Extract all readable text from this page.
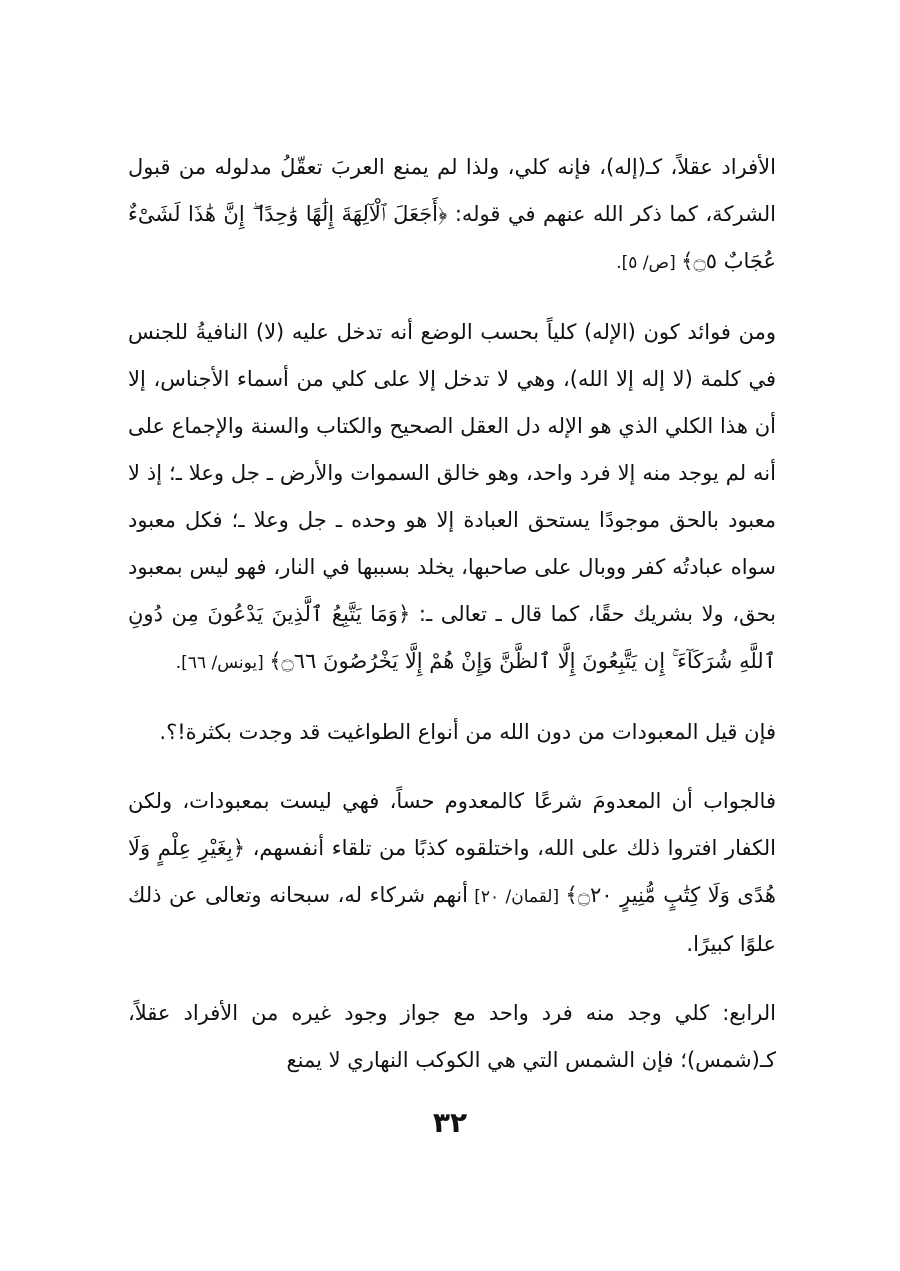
الأفراد عقلاً، كـ(إله)، فإنه كلي، ولذا لم يمنع العربَ تعقّلُ مدلوله من قبول الشركة، كما ذكر الله عنهم في قوله: ﴿أَجَعَلَ ٱلْآلِهَةَ إِلَٰهًا وَٰحِدًا ۖ إِنَّ هَٰذَا لَشَىْءٌ عُجَابٌ ۝٥﴾ [ص/ ٥].

ومن فوائد كون (الإله) كلياً بحسب الوضع أنه تدخل عليه (لا) النافيةُ للجنس في كلمة (لا إله إلا الله)، وهي لا تدخل إلا على كلي من أسماء الأجناس، إلا أن هذا الكلي الذي هو الإله دل العقل الصحيح والكتاب والسنة والإجماع على أنه لم يوجد منه إلا فرد واحد، وهو خالق السموات والأرض ـ جل وعلا ـ؛ إذ لا معبود بالحق موجودًا يستحق العبادة إلا هو وحده ـ جل وعلا ـ؛ فكل معبود سواه عبادتُه كفر ووبال على صاحبها، يخلد بسببها في النار، فهو ليس بمعبود بحق، ولا بشريك حقًا، كما قال ـ تعالى ـ: ﴿وَمَا يَتَّبِعُ ٱلَّذِينَ يَدْعُونَ مِن دُونِ ٱللَّهِ شُرَكَآءَ ۚ إِن يَتَّبِعُونَ إِلَّا ٱلظَّنَّ وَإِنْ هُمْ إِلَّا يَخْرُصُونَ ۝٦٦﴾ [يونس/ ٦٦].

فإن قيل المعبودات من دون الله من أنواع الطواغيت قد وجدت بكثرة!؟.

فالجواب أن المعدومَ شرعًا كالمعدوم حساً، فهي ليست بمعبودات، ولكن الكفار افتروا ذلك على الله، واختلقوه كذبًا من تلقاء أنفسهم، ﴿بِغَيْرِ عِلْمٍ وَلَا هُدًى وَلَا كِتَٰبٍ مُّنِيرٍ ۝٢٠﴾ [لقمان/ ٢٠] أنهم شركاء له، سبحانه وتعالى عن ذلك علوًا كبيرًا.

الرابع: كلي وجد منه فرد واحد مع جواز وجود غيره من الأفراد عقلاً، كـ(شمس)؛ فإن الشمس التي هي الكوكب النهاري لا يمنع

٣٢
